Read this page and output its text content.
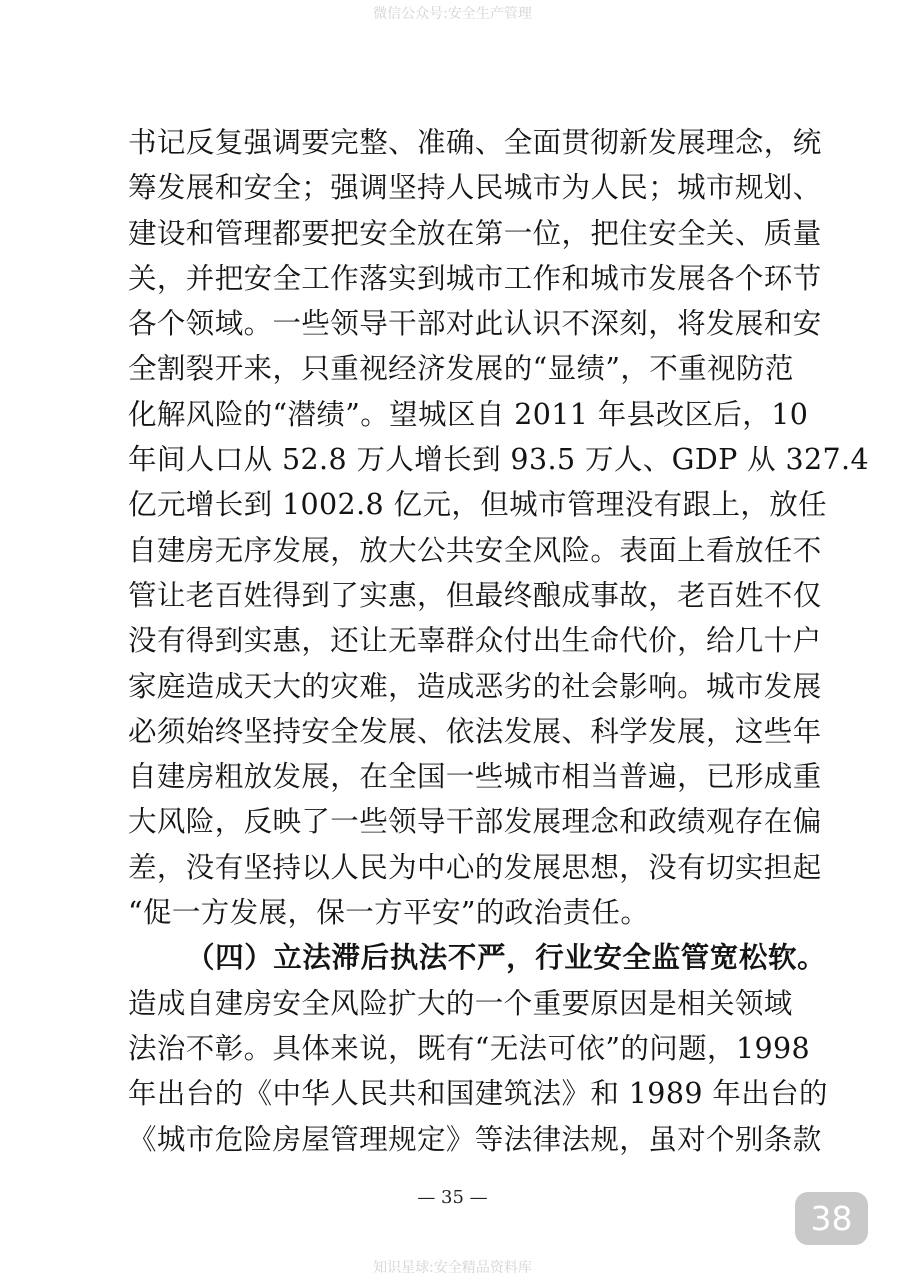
微信公众号:安全生产管理
书记反复强调要完整、准确、全面贯彻新发展理念，统
筹发展和安全；强调坚持人民城市为人民；城市规划、
建设和管理都要把安全放在第一位，把住安全关、质量
关，并把安全工作落实到城市工作和城市发展各个环节
各个领域。一些领导干部对此认识不深刻，将发展和安
全割裂开来，只重视经济发展的“显绩”，不重视防范
化解风险的“潜绩”。望城区自 2011 年县改区后，10
年间人口从 52.8 万人增长到 93.5 万人、GDP 从 327.4
亿元增长到 1002.8 亿元，但城市管理没有跟上，放任
自建房无序发展，放大公共安全风险。表面上看放任不
管让老百姓得到了实惠，但最终酿成事故，老百姓不仅
没有得到实惠，还让无辜群众付出生命代价，给几十户
家庭造成天大的灾难，造成恶劣的社会影响。城市发展
必须始终坚持安全发展、依法发展、科学发展，这些年
自建房粗放发展，在全国一些城市相当普遍，已形成重
大风险，反映了一些领导干部发展理念和政绩观存在偏
差，没有坚持以人民为中心的发展思想，没有切实担起
“促一方发展，保一方平安”的政治责任。
（四）立法滞后执法不严，行业安全监管宽松软。
造成自建房安全风险扩大的一个重要原因是相关领域
法治不彰。具体来说，既有“无法可依”的问题，1998
年出台的《中华人民共和国建筑法》和 1989 年出台的
《城市危险房屋管理规定》等法律法规，虽对个别条款
— 35 —
38
知识星球:安全精品资料库
